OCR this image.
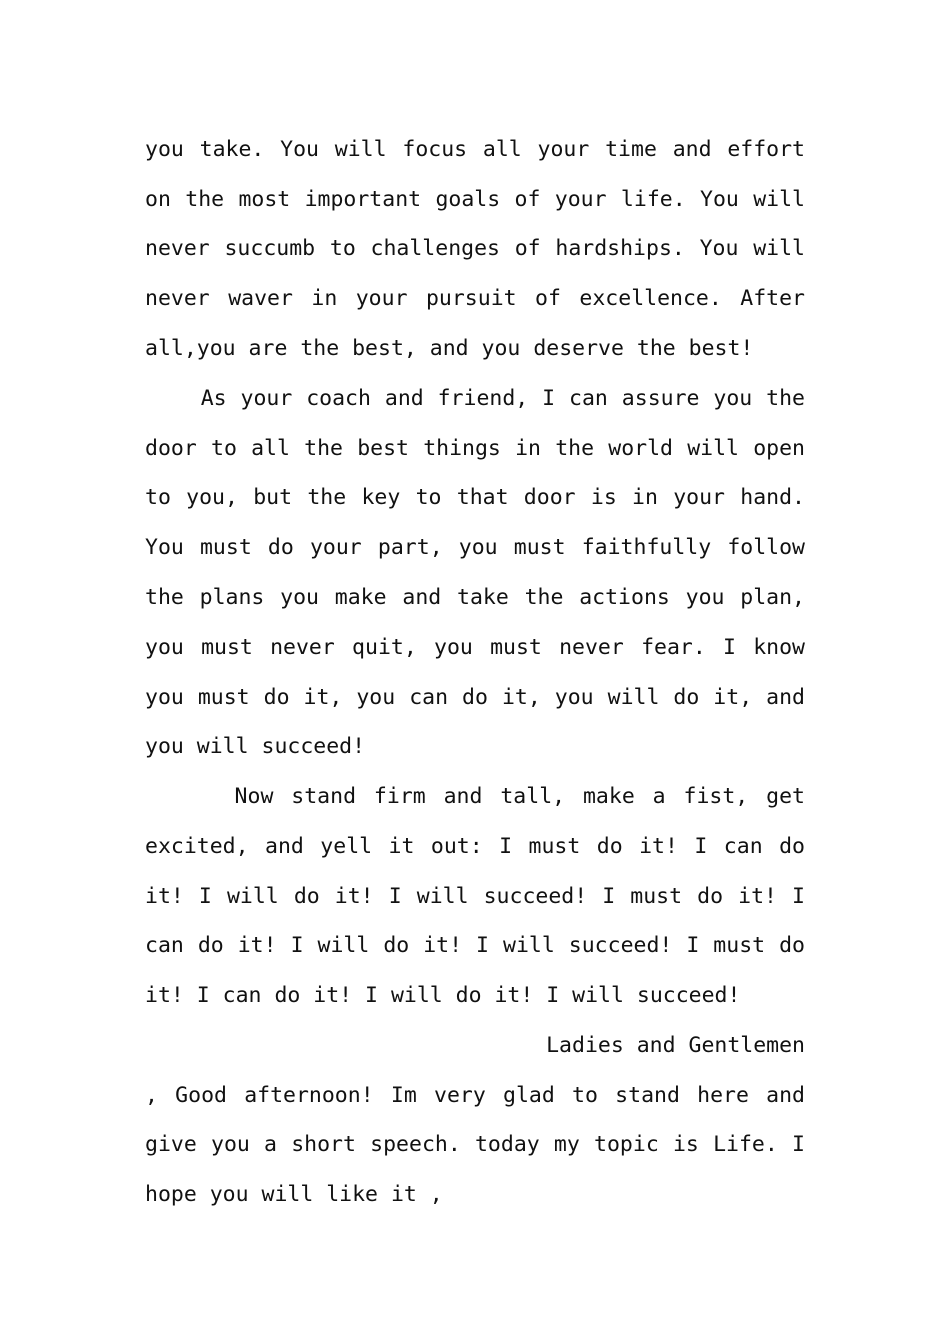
you take. You will focus all your time and effort
on the most important goals of your life. You will
never succumb to challenges of hardships. You will
never waver in your pursuit of excellence. After
all,you are the best, and you deserve the best!
As your coach and friend, I can assure you the
door to all the best things in the world will open
to you, but the key to that door is in your hand.
You must do your part, you must faithfully follow
the plans you make and take the actions you plan,
you must never quit, you must never fear. I know
you must do it, you can do it, you will do it, and
you will succeed!
Now stand firm and tall, make a fist, get
excited, and yell it out: I must do it! I can do
it! I will do it! I will succeed! I must do it! I
can do it! I will do it! I will succeed! I must do
it! I can do it! I will do it! I will succeed!

Ladies and Gentlemen

, Good afternoon! Im very glad to stand here and
give you a short speech. today my topic is Life. I
hope you will like it ,
